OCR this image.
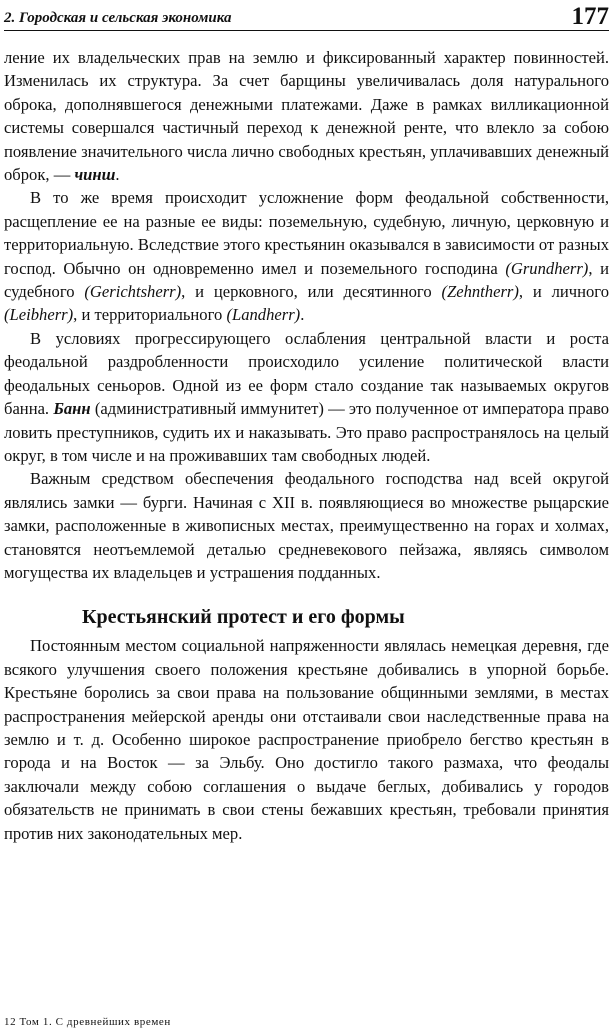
2. Городская и сельская экономика	177

ление их владельческих прав на землю и фиксированный характер повинностей. Изменилась их структура. За счет барщины увеличивалась доля натурального оброка, дополнявшегося денежными платежами. Даже в рамках вилликационной системы совершался частичный переход к денежной ренте, что влекло за собою появление значительного числа лично свободных крестьян, уплачивавших денежный оброк, — чинш.

В то же время происходит усложнение форм феодальной собственности, расщепление ее на разные ее виды: поземельную, судебную, личную, церковную и территориальную. Вследствие этого крестьянин оказывался в зависимости от разных господ. Обычно он одновременно имел и поземельного господина (Grundherr), и судебного (Gerichtsherr), и церковного, или десятинного (Zehntherr), и личного (Leibherr), и территориального (Landherr).

В условиях прогрессирующего ослабления центральной власти и роста феодальной раздробленности происходило усиление политической власти феодальных сеньоров. Одной из ее форм стало создание так называемых округов банна. Банн (административный иммунитет) — это полученное от императора право ловить преступников, судить их и наказывать. Это право распространялось на целый округ, в том числе и на проживавших там свободных людей.

Важным средством обеспечения феодального господства над всей округой являлись замки — бурги. Начиная с XII в. появляющиеся во множестве рыцарские замки, расположенные в живописных местах, преимущественно на горах и холмах, становятся неотъемлемой деталью средневекового пейзажа, являясь символом могущества их владельцев и устрашения подданных.

Крестьянский протест и его формы

Постоянным местом социальной напряженности являлась немецкая деревня, где всякого улучшения своего положения крестьяне добивались в упорной борьбе. Крестьяне боролись за свои права на пользование общинными землями, в местах распространения мейерской аренды они отстаивали свои наследственные права на землю и т. д. Особенно широкое распространение приобрело бегство крестьян в города и на Восток — за Эльбу. Оно достигло такого размаха, что феодалы заключали между собою соглашения о выдаче беглых, добивались у городов обязательств не принимать в свои стены бежавших крестьян, требовали принятия против них законодательных мер.

12 Том 1. С древнейших времен
